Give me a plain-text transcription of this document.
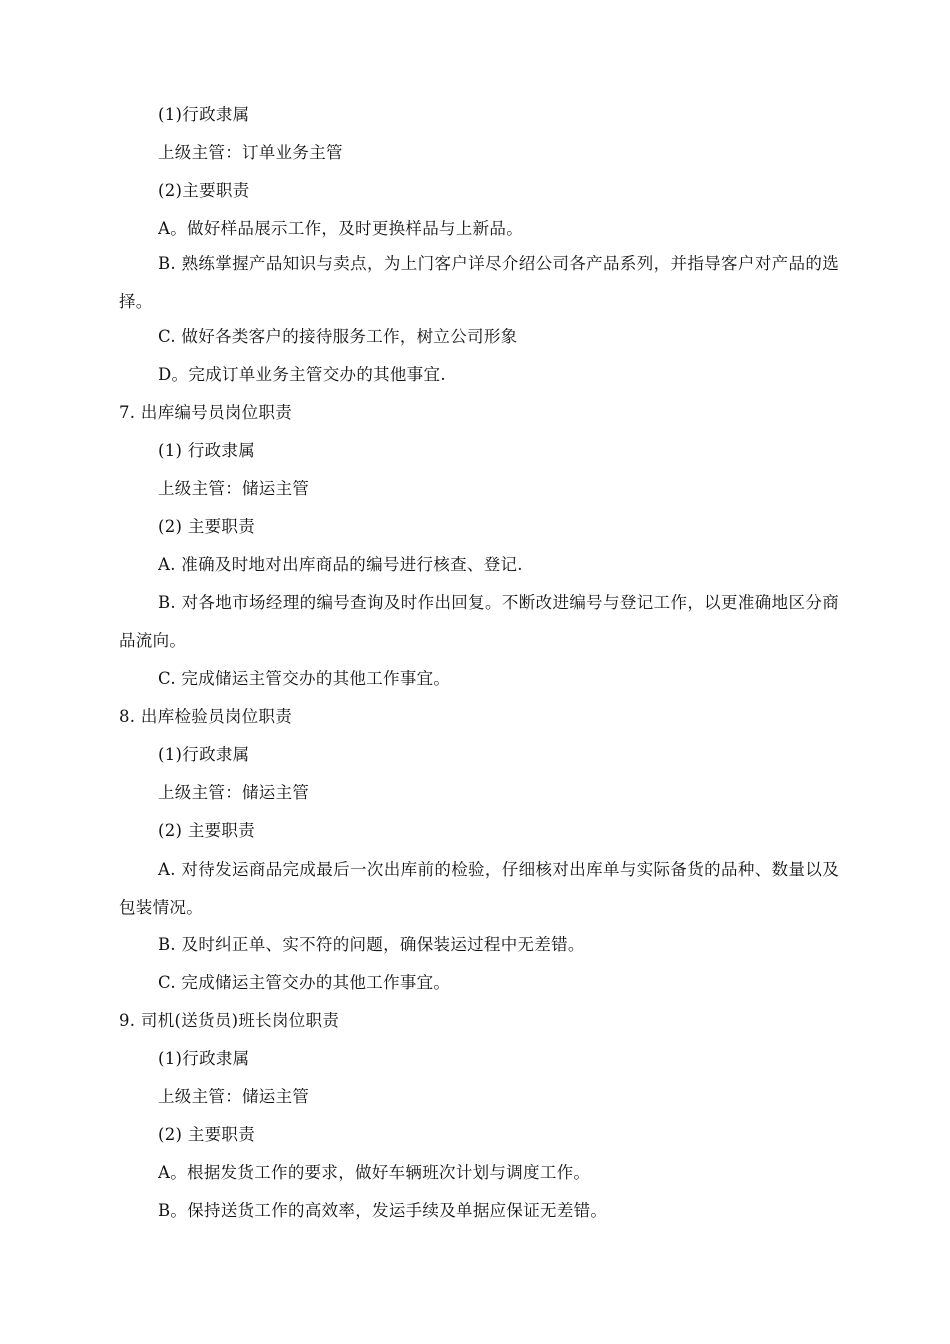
(1)行政隶属
上级主管：订单业务主管
(2)主要职责
A。做好样品展示工作，及时更换样品与上新品。
B. 熟练掌握产品知识与卖点，为上门客户详尽介绍公司各产品系列，并指导客户对产品的选择。
C. 做好各类客户的接待服务工作，树立公司形象
D。完成订单业务主管交办的其他事宜.
7. 出库编号员岗位职责
(1) 行政隶属
上级主管：储运主管
(2) 主要职责
A. 准确及时地对出库商品的编号进行核查、登记.
B. 对各地市场经理的编号查询及时作出回复。不断改进编号与登记工作，以更准确地区分商品流向。
C. 完成储运主管交办的其他工作事宜。
8. 出库检验员岗位职责
(1)行政隶属
上级主管：储运主管
(2) 主要职责
A. 对待发运商品完成最后一次出库前的检验，仔细核对出库单与实际备货的品种、数量以及包装情况。
B. 及时纠正单、实不符的问题，确保装运过程中无差错。
C. 完成储运主管交办的其他工作事宜。
9. 司机(送货员)班长岗位职责
(1)行政隶属
上级主管：储运主管
(2) 主要职责
A。根据发货工作的要求，做好车辆班次计划与调度工作。
B。保持送货工作的高效率，发运手续及单据应保证无差错。
